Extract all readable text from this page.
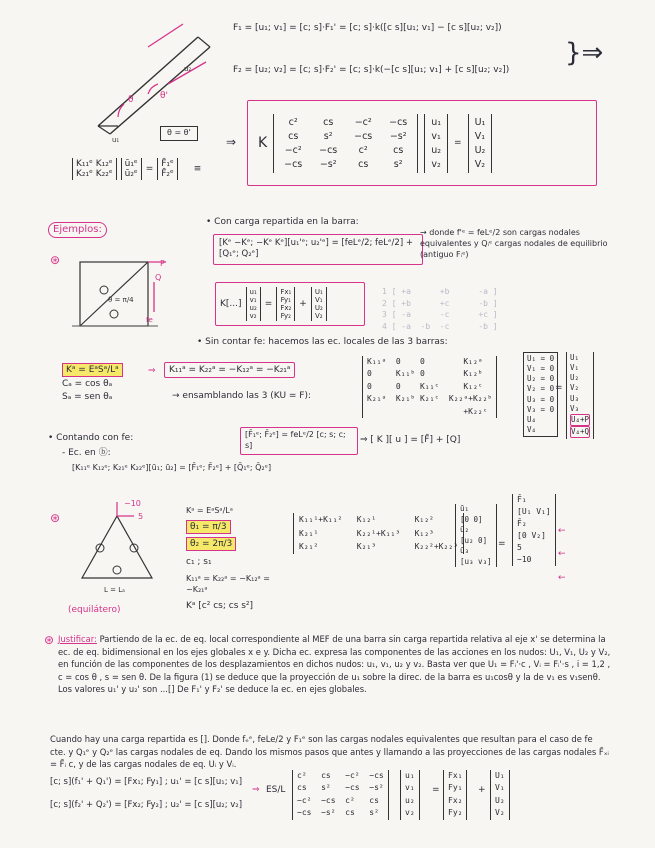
θ	θ'
u₁
u₂
θ = θ'
F₁ = [u₁; v₁] = [c; s]·F₁' = [c; s]·k([c s][u₁; v₁] − [c s][u₂; v₂])
F₂ = [u₂; v₂] = [c; s]·F₂' = [c; s]·k(−[c s][u₁; v₁] + [c s][u₂; v₂])
}⇒
K₁₁ᵉ K₁₂ᵉ
K₂₁ᵉ K₂₂ᵉ
ū₁ᵉ
ū₂ᵉ
= F̄₁ᵉ
F̄₂ᵉ
≡
K
c²	cs	−c²	−cs
cs	s²	−cs	−s²
−c²	−cs	c²	cs
−cs	−s²	cs	s²
u₁
v₁
u₂
v₂
=
U₁
V₁
U₂
V₂
⇒
Ejemplos:
⊛	P
Q
fe
θ = π/4
• Con carga repartida en la barra:
[Kᵉ −Kᵉ; −Kᵉ Kᵉ][u₁'ᵉ; u₂'ᵉ] = [feLᵉ/2; feLᵉ/2] + [Q₁ᵉ; Q₂ᵉ]
→ donde f'ᵉ = feLᵉ/2 son cargas nodales equivalentes y Qᵢᵉ cargas nodales de equilibrio (antiguo Fᵢᵉ)
K[...]
u₁
v₁
u₂
v₂
=
Fx₁
Fy₁
Fx₂
Fy₂
+
U₁
V₁
U₂
V₂
1 [ +a      +b      -a ]
2 [ +b      +c      -b ]
3 [ -a      -c      +c ]
4 [ -a  -b  -c      -b ]
• Sin contar fe: hacemos las ec. locales de las 3 barras:
Kᵃ = EᵃSᵃ/Lᵃ
Cₐ = cos θₐ
Sₐ = sen θₐ
⇒	K₁₁ᵃ = K₂₂ᵃ = −K₁₂ᵃ = −K₂₁ᵃ
→ ensamblando las 3 (KU = F):
K₁₁ᵃ  0    0        K₁₂ᵃ
0     K₁₁ᵇ 0        K₁₂ᵇ
0     0    K₁₁ᶜ     K₁₂ᶜ
K₂₁ᵃ  K₂₁ᵇ K₂₁ᶜ  K₂₂ᵃ+K₂₂ᵇ
+K₂₂ᶜ
U₁ = 0
V₁ = 0
U₂ = 0
V₂ = 0
U₃ = 0
V₃ = 0
U₄
V₄
=
U₁
V₁
U₂
V₂
U₃
V₃
U₄+P
V₄+Q
• Contando con fe:
- Ec. en ⓑ:
[K₁₁ᵉ K₁₂ᵉ; K₂₁ᵉ K₂₂ᵉ][ū₁; ū₂] = [F̄₁ᵉ; F̄₂ᵉ] + [Q̄₁ᵉ; Q̄₂ᵉ]
[F̄₁ᵉ; F̄₂ᵉ] = feLᵉ/2 [c; s; c; s]
⇒ [ K ][ u ] = [F̄] + [Q]
⊛
−10
5
L = Lₐ
(equilátero)
Kᵃ = EᵃSᵃ/Lᵃ
θ₁ = π/3
θ₂ = 2π/3
c₁ ; s₁
K₁₁ᵃ = K₂₂ᵃ = −K₁₂ᵃ = −K₂₁ᵃ
Kᵃ [c² cs; cs s²]
K₁₁¹+K₁₁²   K₁₂¹        K₁₂²
K₂₁¹        K₂₂¹+K₁₁³   K₁₂³
K₂₁²        K₂₁³        K₂₂²+K₂₂³
ū₁
[0 0]
ū₂
[u₂ 0]
ū₃
[u₃ v₃]
=
F̄₁
[U₁ V₁]
F̄₂
[0 V₂]
5
−10
←
←
←
⊛ Justificar: Partiendo de la ec. de eq. local correspondiente al MEF de una barra sin carga repartida relativa al eje x' se determina la ec. de eq. bidimensional en los ejes globales x e y. Dicha ec. expresa las componentes de las acciones en los nudos: U₁, V₁, U₂ y V₂, en función de las componentes de los desplazamientos en dichos nudos: u₁, v₁, u₂ y v₂. Basta ver que U₁ = Fᵢ'·c , Vᵢ = Fᵢ'·s , i = 1,2 , c = cos θ , s = sen θ. De la figura (1) se deduce que la proyección de u₁ sobre la direc. de la barra es u₁cosθ y la de v₁ es v₁senθ. Los valores u₁' y u₂' son ...[] De F₁' y F₂' se deduce la ec. en ejes globales.
Cuando hay una carga repartida es []. Donde fₑᵉ, feLe/2 y F₁ᵉ son las cargas nodales equivalentes que resultan para el caso de fe cte. y Q₁ᵉ y Q₂ᵉ las cargas nodales de eq. Dando los mismos pasos que antes y llamando a las proyecciones de las cargas nodales F̄ₓᵢ = F̄ᵢ c, y de las cargas nodales de eq. Uᵢ y Vᵢ.
[c; s](f₁' + Q₁') = [Fx₁; Fy₁] ; u₁' = [c s][u₁; v₁]
[c; s](f₂' + Q₂') = [Fx₂; Fy₂] ; u₂' = [c s][u₂; v₂]
⇒ ES/L
c²   cs   −c²  −cs
cs   s²   −cs  −s²
−c²  −cs  c²   cs
−cs  −s²  cs   s²
u₁
v₁
u₂
v₂
=
Fx₁
Fy₁
Fx₂
Fy₂
+
U₁
V₁
U₂
V₂
